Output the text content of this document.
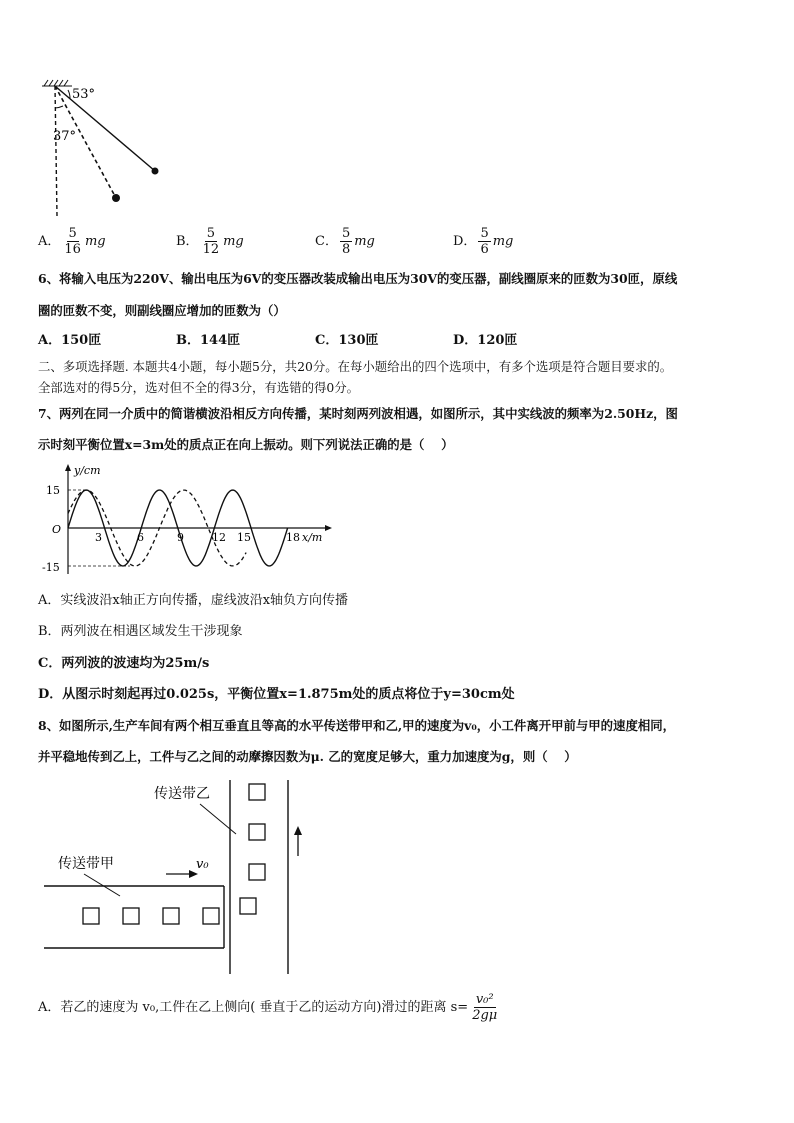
53°
37°
A． $\frac{5}{16}$ mg	B． $\frac{5}{12}$ mg	C． $\frac{5}{8}$ mg	D． $\frac{5}{6}$ mg
6、将输入电压为220V、输出电压为6V的变压器改装成输出电压为30V的变压器，副线圈原来的匝数为30匝，原线
圈的匝数不变，则副线圈应增加的匝数为（）
A．150匝	B．144匝	C．130匝	D．120匝
二、多项选择题. 本题共4小题，每小题5分，共20分。在每小题给出的四个选项中，有多个选项是符合题目要求的。
全部选对的得5分，选对但不全的得3分，有选错的得0分。
7、两列在同一介质中的简谐横波沿相反方向传播，某时刻两列波相遇，如图所示，其中实线波的频率为2.50Hz，图
示时刻平衡位置x=3m处的质点正在向上振动。则下列说法正确的是（　 ）
y/cm
15
-15
O
3	6	9	12 15	18 x/m
A．实线波沿x轴正方向传播，虚线波沿x轴负方向传播
B．两列波在相遇区域发生干涉现象
C．两列波的波速均为25m/s
D．从图示时刻起再过0.025s，平衡位置x=1.875m处的质点将位于y=30cm处
8、如图所示,生产车间有两个相互垂直且等高的水平传送带甲和乙,甲的速度为v₀，小工件离开甲前与甲的速度相同，
并平稳地传到乙上，工件与乙之间的动摩擦因数为μ. 乙的宽度足够大，重力加速度为g，则（　 ）
v₀
传送带乙
传送带甲
A．若乙的速度为 v₀,工件在乙上侧向( 垂直于乙的运动方向)滑过的距离 $s= \frac{\text{v₀²}}{2g\mu}$
